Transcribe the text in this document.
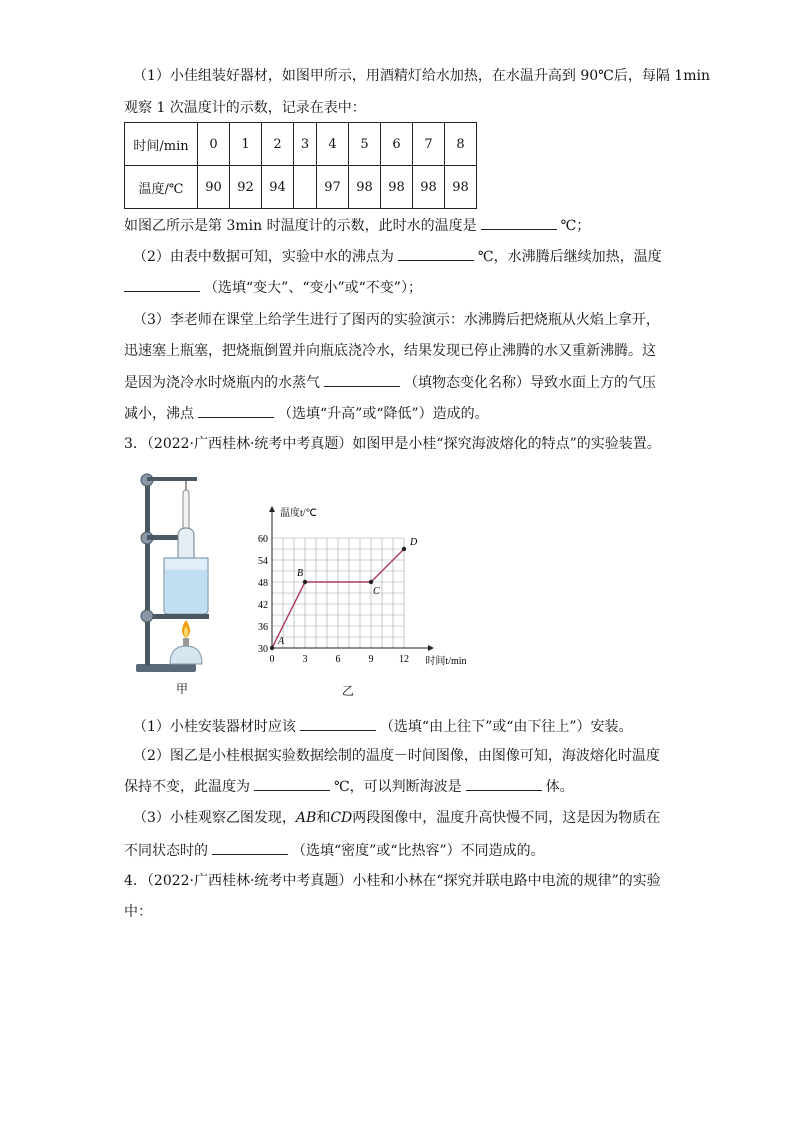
（1）小佳组装好器材，如图甲所示，用酒精灯给水加热，在水温升高到 90℃后，每隔 1min
观察 1 次温度计的示数，记录在表中：
时间/min	0	1	2	3	4	5	6	7	8
温度/℃	90	92	94		97	98	98	98	98
如图乙所示是第 3min 时温度计的示数，此时水的温度是	℃；
（2）由表中数据可知，实验中水的沸点为	℃，水沸腾后继续加热，温度
（选填“变大”、“变小”或“不变”）；
（3）李老师在课堂上给学生进行了图丙的实验演示：水沸腾后把烧瓶从火焰上拿开，
迅速塞上瓶塞，把烧瓶倒置并向瓶底浇冷水，结果发现已停止沸腾的水又重新沸腾。这
是因为浇冷水时烧瓶内的水蒸气	（填物态变化名称）导致水面上方的气压
减小，沸点	（选填“升高”或“降低”）造成的。
3．（2022·广西桂林·统考中考真题）如图甲是小桂“探究海波熔化的特点”的实验装置。
甲
0	3	6	9	12
30
36
42
48
54
60
时间t/min
温度t/℃
A
B
C
D
乙
（1）小桂安装器材时应该	（选填“由上往下”或“由下往上”）安装。
（2）图乙是小桂根据实验数据绘制的温度－时间图像，由图像可知，海波熔化时温度
保持不变，此温度为	℃，可以判断海波是	体。
（3）小桂观察乙图发现，AB和CD两段图像中，温度升高快慢不同，这是因为物质在
不同状态时的	（选填“密度”或“比热容”）不同造成的。
4．（2022·广西桂林·统考中考真题）小桂和小林在“探究并联电路中电流的规律”的实验
中：
